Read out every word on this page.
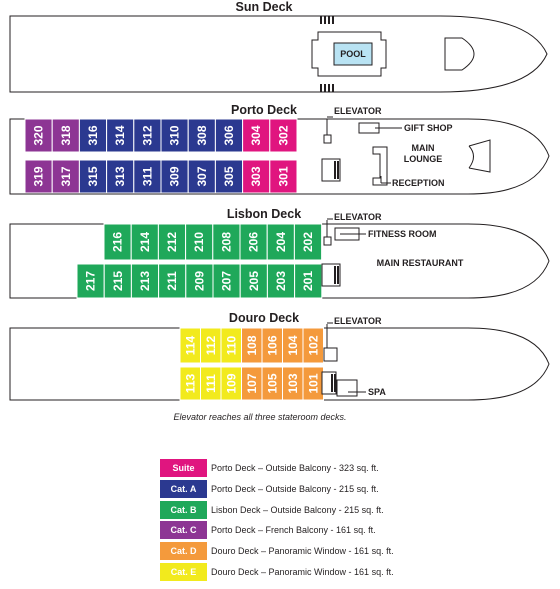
Sun Deck
POOL
Porto Deck
320 318 316 314 312 310 308 306 304 302
319 317 315 313 311 309 307 305 303 301
ELEVATOR
GIFT SHOP
RECEPTION
MAIN
LOUNGE
Lisbon Deck
216 214 212 210 208 206 204 202
217 215 213 211 209 207 205 203 201
ELEVATOR
FITNESS ROOM
MAIN RESTAURANT
Douro Deck
114 112 110 108 106 104 102
113 111 109 107 105 103 101
ELEVATOR
SPA
Elevator reaches all three stateroom decks.
Suite	Porto Deck – Outside Balcony - 323 sq. ft.
Cat. A	Porto Deck – Outside Balcony - 215 sq. ft.
Cat. B	Lisbon Deck – Outside Balcony - 215 sq. ft.
Cat. C	Porto Deck – French Balcony - 161 sq. ft.
Cat. D	Douro Deck – Panoramic Window - 161 sq. ft.
Cat. E	Douro Deck – Panoramic Window - 161 sq. ft.
